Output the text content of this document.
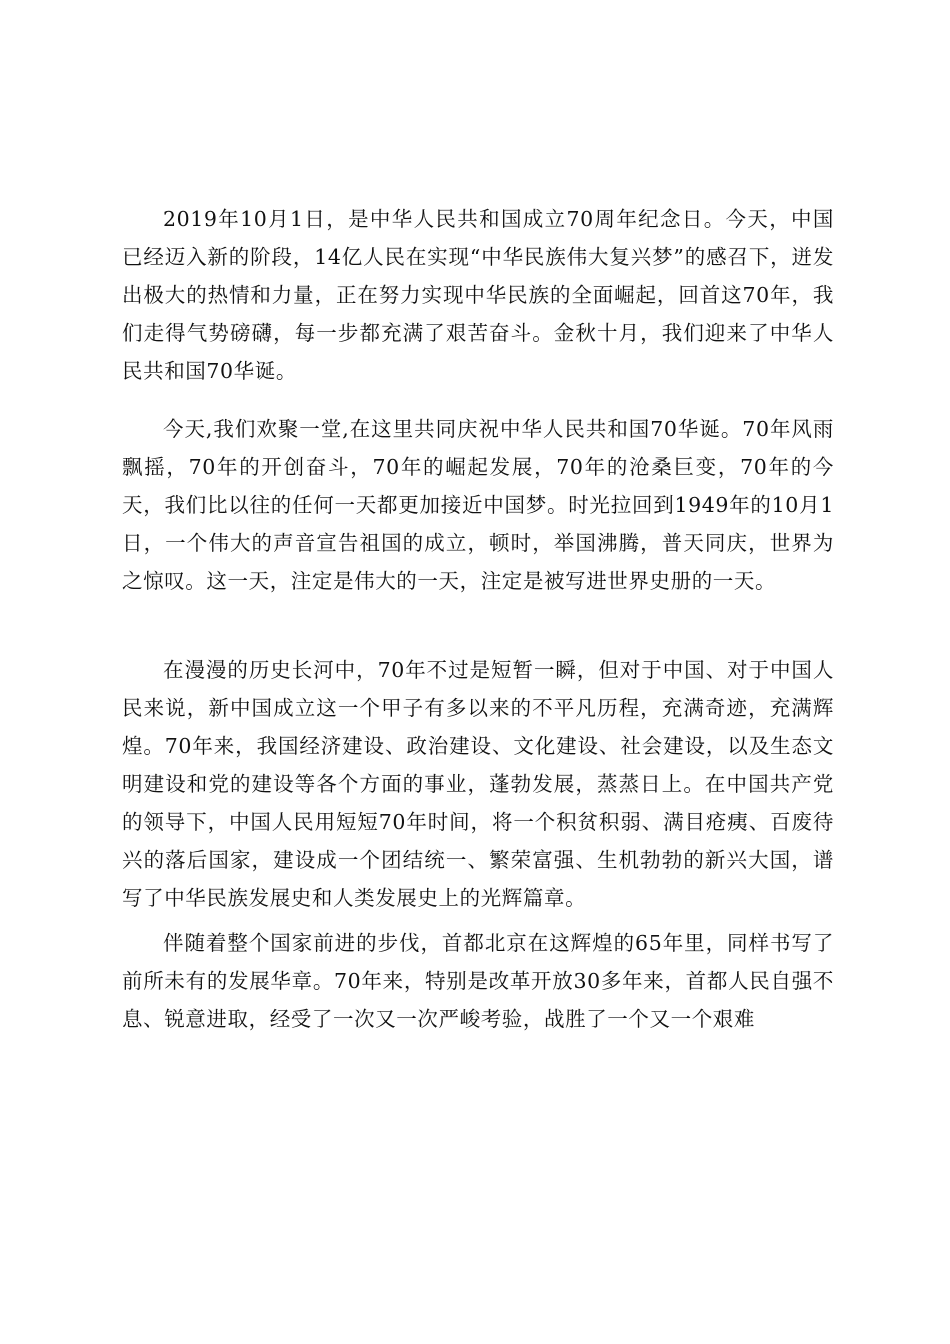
2019年10月1日，是中华人民共和国成立70周年纪念日。今天，中国已经迈入新的阶段，14亿人民在实现“中华民族伟大复兴梦”的感召下，迸发出极大的热情和力量，正在努力实现中华民族的全面崛起，回首这70年，我们走得气势磅礴，每一步都充满了艰苦奋斗。金秋十月，我们迎来了中华人民共和国70华诞。

今天,我们欢聚一堂,在这里共同庆祝中华人民共和国70华诞。70年风雨飘摇，70年的开创奋斗，70年的崛起发展，70年的沧桑巨变，70年的今天，我们比以往的任何一天都更加接近中国梦。时光拉回到1949年的10月1日，一个伟大的声音宣告祖国的成立，顿时，举国沸腾，普天同庆，世界为之惊叹。这一天，注定是伟大的一天，注定是被写进世界史册的一天。

在漫漫的历史长河中，70年不过是短暂一瞬，但对于中国、对于中国人民来说，新中国成立这一个甲子有多以来的不平凡历程，充满奇迹，充满辉煌。70年来，我国经济建设、政治建设、文化建设、社会建设，以及生态文明建设和党的建设等各个方面的事业，蓬勃发展，蒸蒸日上。在中国共产党的领导下，中国人民用短短70年时间，将一个积贫积弱、满目疮痍、百废待兴的落后国家，建设成一个团结统一、繁荣富强、生机勃勃的新兴大国，谱写了中华民族发展史和人类发展史上的光辉篇章。

伴随着整个国家前进的步伐，首都北京在这辉煌的65年里，同样书写了前所未有的发展华章。70年来，特别是改革开放30多年来，首都人民自强不息、锐意进取，经受了一次又一次严峻考验，战胜了一个又一个艰难
